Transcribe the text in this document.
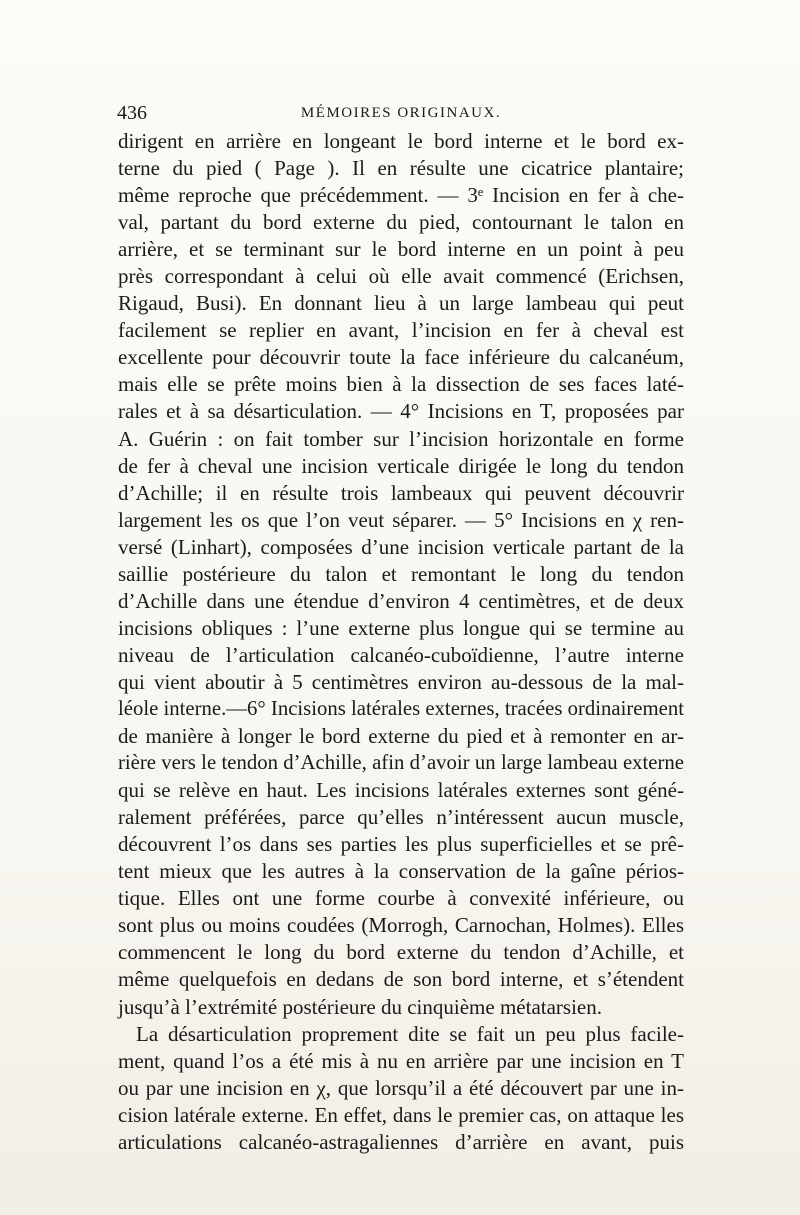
436	MÉMOIRES ORIGINAUX.
dirigent en arrière en longeant le bord interne et le bord ex-
terne du pied ( Page ). Il en résulte une cicatrice plantaire;
même reproche que précédemment. — 3ᵉ Incision en fer à che-
val, partant du bord externe du pied, contournant le talon en
arrière, et se terminant sur le bord interne en un point à peu
près correspondant à celui où elle avait commencé (Erichsen,
Rigaud, Busi). En donnant lieu à un large lambeau qui peut
facilement se replier en avant, l’incision en fer à cheval est
excellente pour découvrir toute la face inférieure du calcanéum,
mais elle se prête moins bien à la dissection de ses faces laté-
rales et à sa désarticulation. — 4° Incisions en T, proposées par
A. Guérin : on fait tomber sur l’incision horizontale en forme
de fer à cheval une incision verticale dirigée le long du tendon
d’Achille; il en résulte trois lambeaux qui peuvent découvrir
largement les os que l’on veut séparer. — 5° Incisions en χ ren-
versé (Linhart), composées d’une incision verticale partant de la
saillie postérieure du talon et remontant le long du tendon
d’Achille dans une étendue d’environ 4 centimètres, et de deux
incisions obliques : l’une externe plus longue qui se termine au
niveau de l’articulation calcanéo-cuboïdienne, l’autre interne
qui vient aboutir à 5 centimètres environ au-dessous de la mal-
léole interne.—6° Incisions latérales externes, tracées ordinairement
de manière à longer le bord externe du pied et à remonter en ar-
rière vers le tendon d’Achille, afin d’avoir un large lambeau externe
qui se relève en haut. Les incisions latérales externes sont géné-
ralement préférées, parce qu’elles n’intéressent aucun muscle,
découvrent l’os dans ses parties les plus superficielles et se prê-
tent mieux que les autres à la conservation de la gaîne périos-
tique. Elles ont une forme courbe à convexité inférieure, ou
sont plus ou moins coudées (Morrogh, Carnochan, Holmes). Elles
commencent le long du bord externe du tendon d’Achille, et
même quelquefois en dedans de son bord interne, et s’étendent
jusqu’à l’extrémité postérieure du cinquième métatarsien.
La désarticulation proprement dite se fait un peu plus facile-
ment, quand l’os a été mis à nu en arrière par une incision en T
ou par une incision en χ, que lorsqu’il a été découvert par une in-
cision latérale externe. En effet, dans le premier cas, on attaque les
articulations calcanéo-astragaliennes d’arrière en avant, puis
